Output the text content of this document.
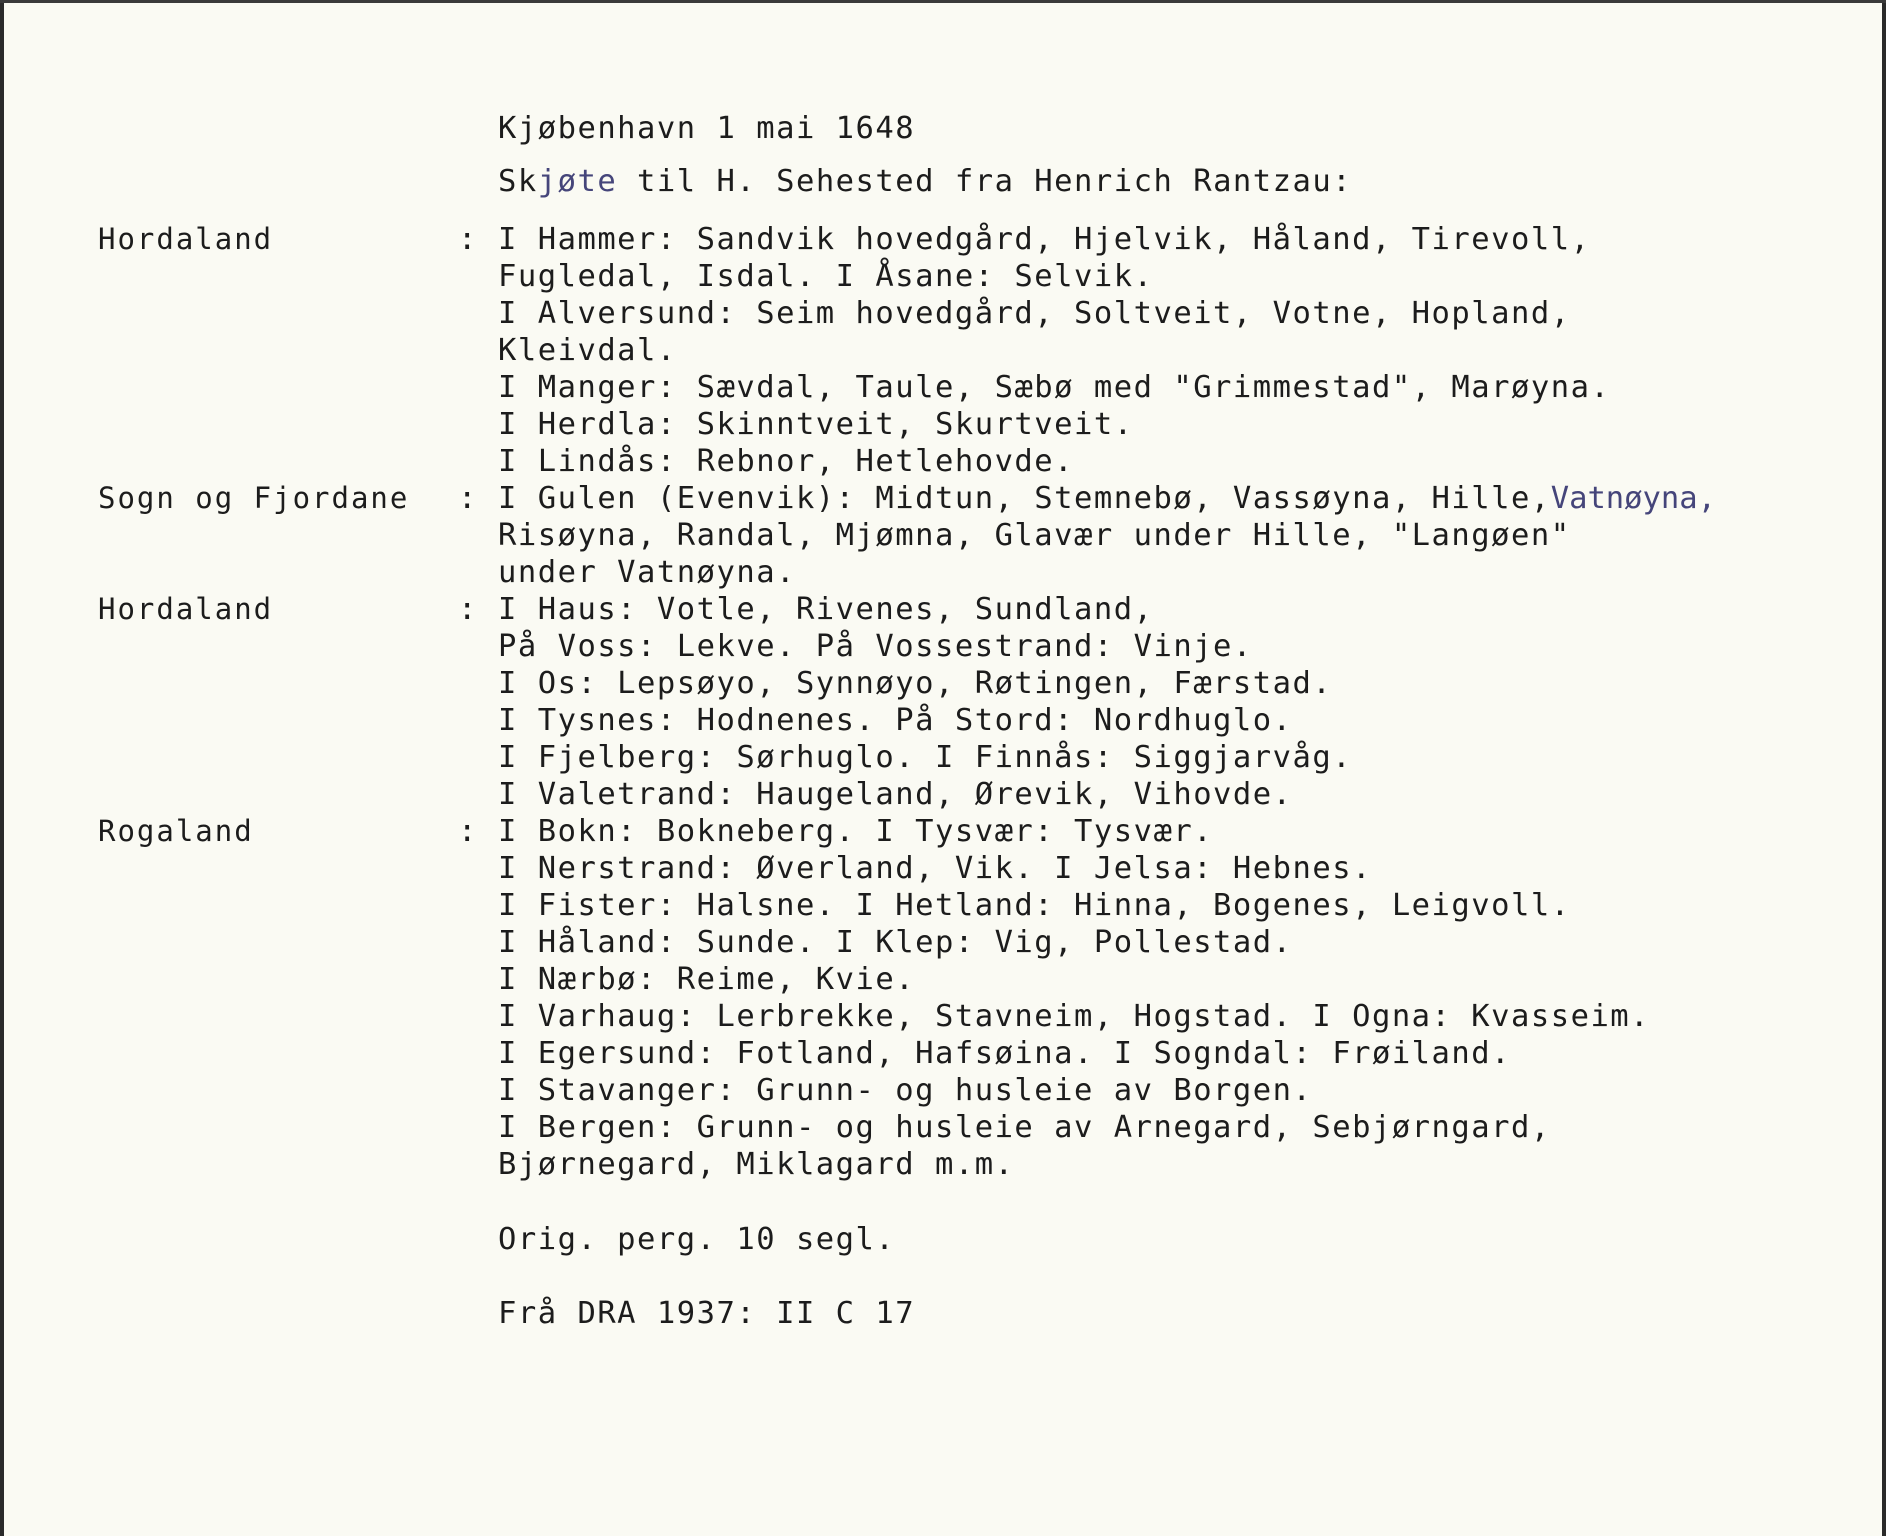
Kjøbenhavn 1 mai 1648
Skjøte til H. Sehested fra Henrich Rantzau:
Hordaland	: I Hammer: Sandvik hovedgård, Hjelvik, Håland, Tirevoll,
Fugledal, Isdal. I Åsane: Selvik.
I Alversund: Seim hovedgård, Soltveit, Votne, Hopland,
Kleivdal.
I Manger: Sævdal, Taule, Sæbø med "Grimmestad", Marøyna.
I Herdla: Skinntveit, Skurtveit.
I Lindås: Rebnor, Hetlehovde.
Sogn og Fjordane : I Gulen (Evenvik): Midtun, Stemnebø, Vassøyna, Hille,Vatnøyna,
Risøyna, Randal, Mjømna, Glavær under Hille, "Langøen"
under Vatnøyna.
Hordaland	: I Haus: Votle, Rivenes, Sundland,
På Voss: Lekve. På Vossestrand: Vinje.
I Os: Lepsøyo, Synnøyo, Røtingen, Færstad.
I Tysnes: Hodnenes. På Stord: Nordhuglo.
I Fjelberg: Sørhuglo. I Finnås: Siggjarvåg.
I Valetrand: Haugeland, Ørevik, Vihovde.
Rogaland	: I Bokn: Bokneberg. I Tysvær: Tysvær.
I Nerstrand: Øverland, Vik. I Jelsa: Hebnes.
I Fister: Halsne. I Hetland: Hinna, Bogenes, Leigvoll.
I Håland: Sunde. I Klep: Vig, Pollestad.
I Nærbø: Reime, Kvie.
I Varhaug: Lerbrekke, Stavneim, Hogstad. I Ogna: Kvasseim.
I Egersund: Fotland, Hafsøina. I Sogndal: Frøiland.
I Stavanger: Grunn- og husleie av Borgen.
I Bergen: Grunn- og husleie av Arnegard, Sebjørngard,
Bjørnegard, Miklagard m.m.
Orig. perg. 10 segl.
Frå DRA 1937: II C 17
